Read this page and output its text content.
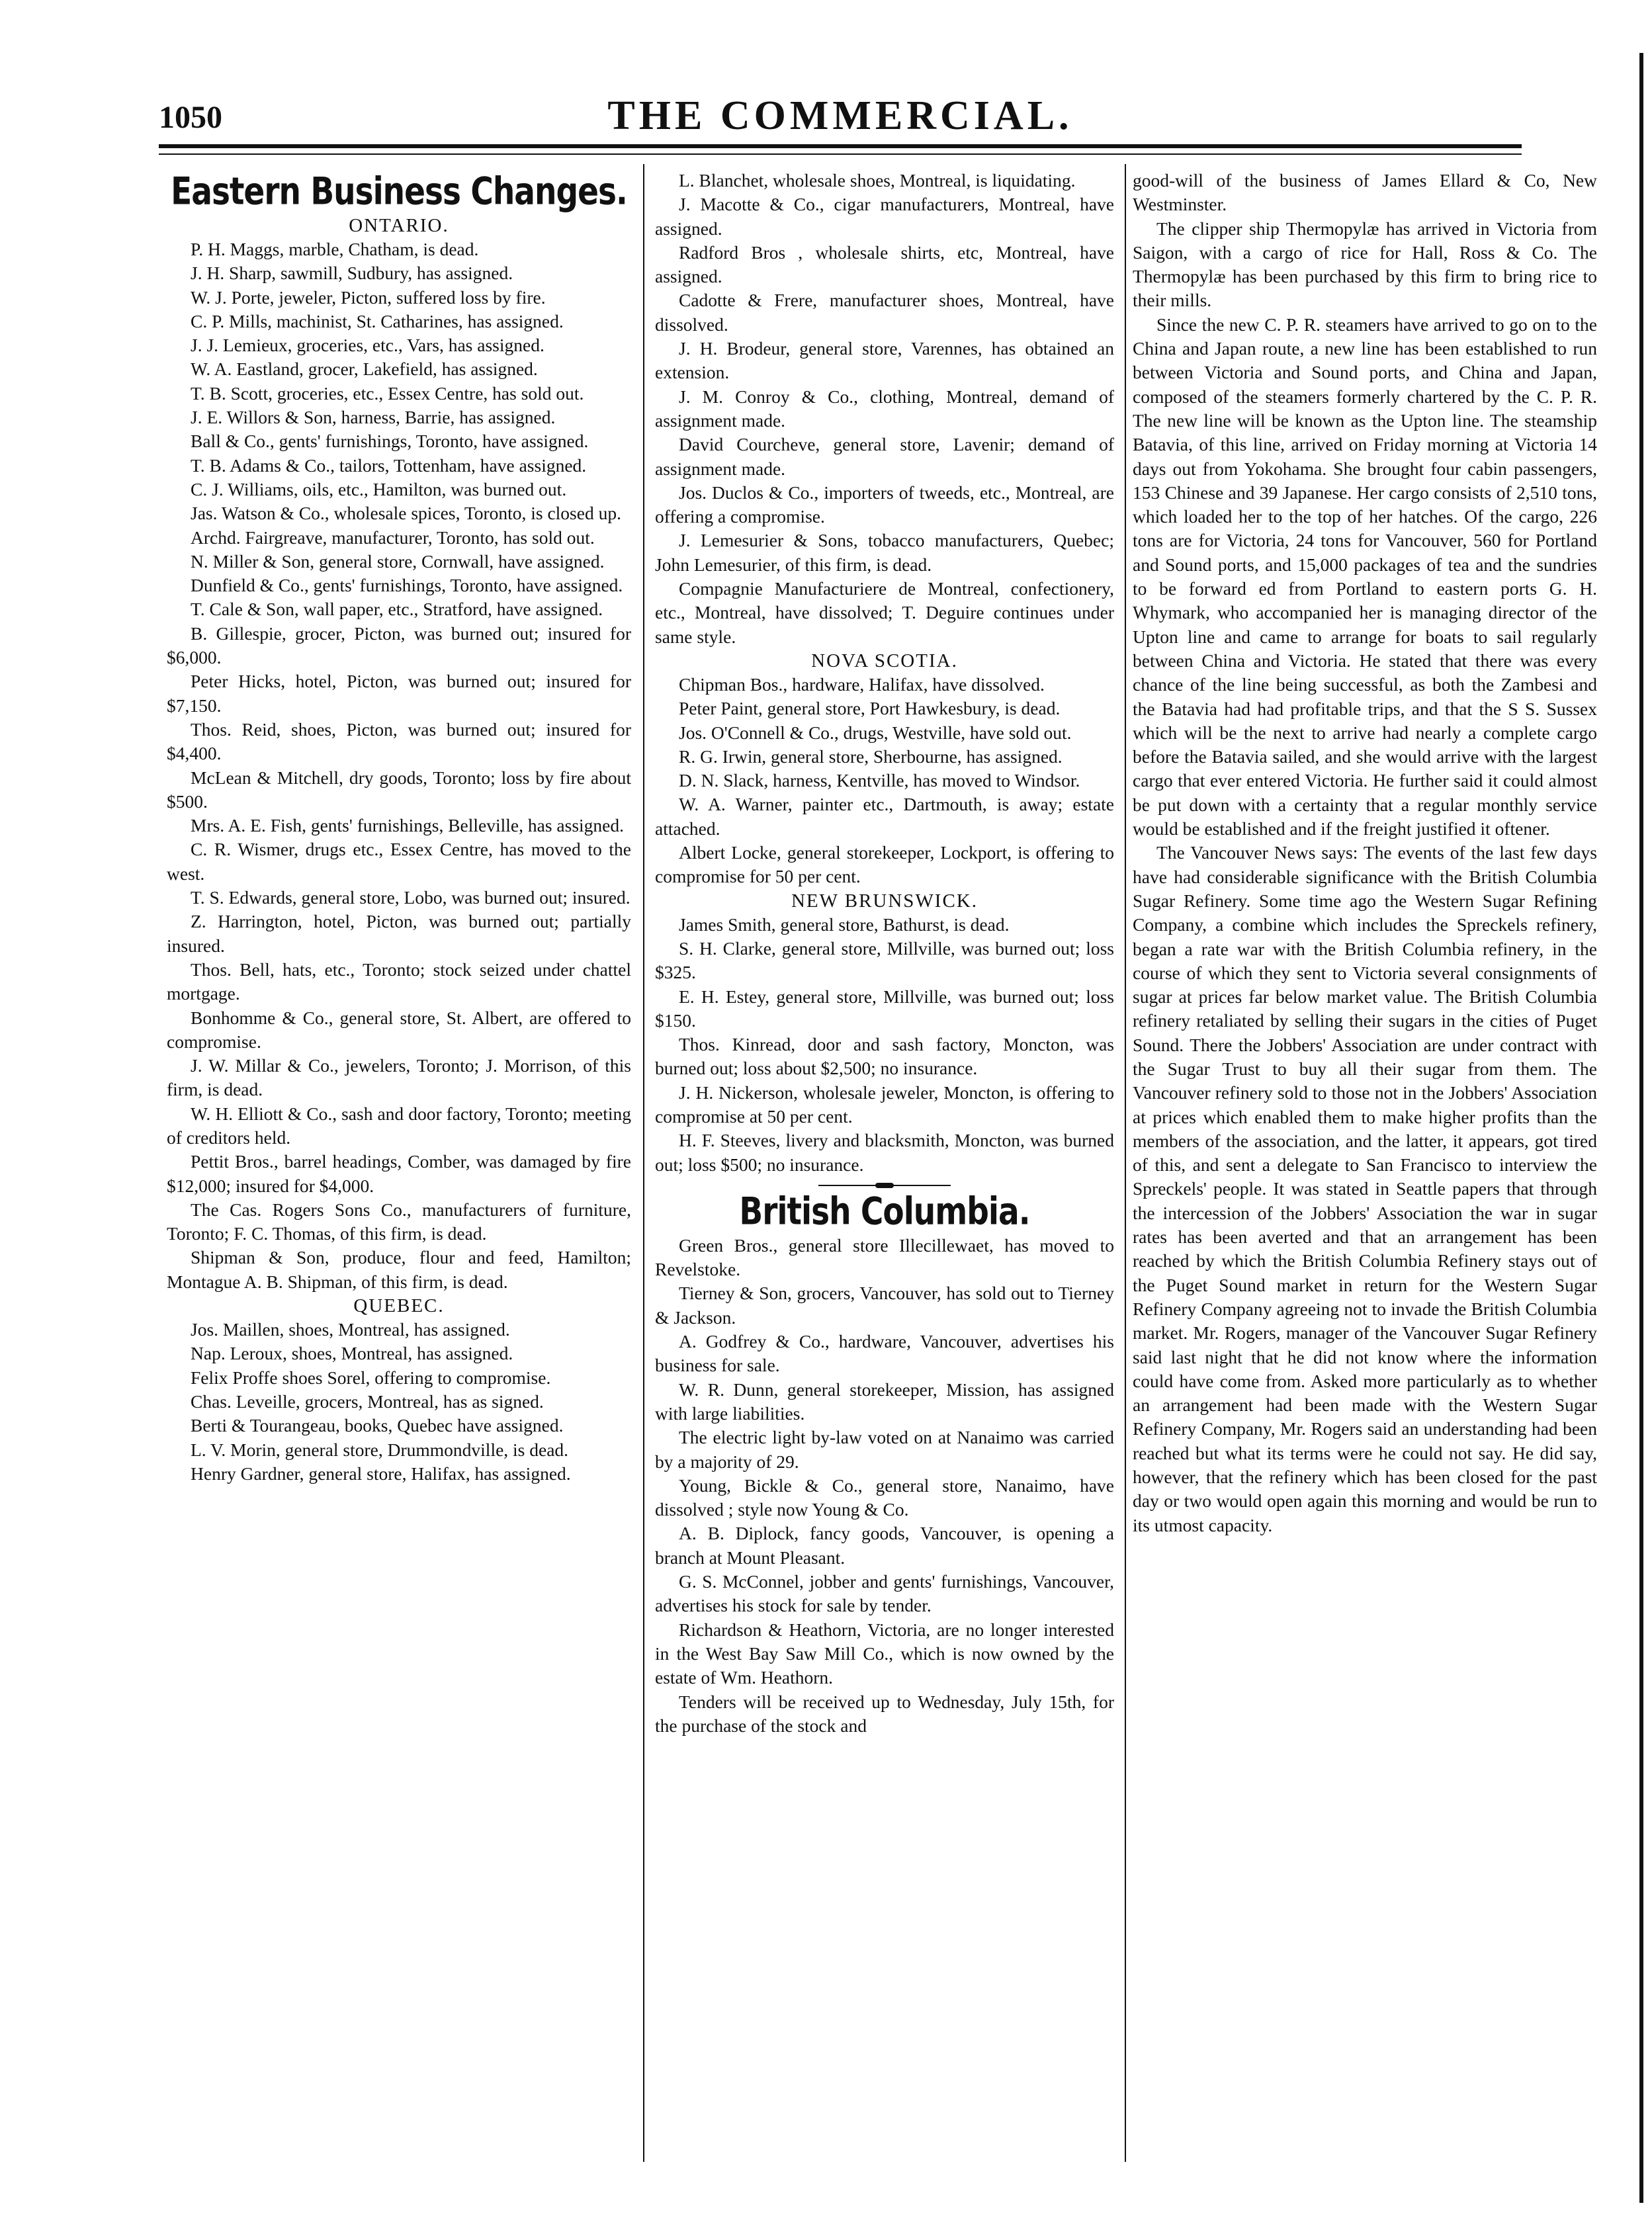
1050	THE COMMERCIAL.
Eastern Business Changes.
ONTARIO.

P. H. Maggs, marble, Chatham, is dead.

J. H. Sharp, sawmill, Sudbury, has assigned.

W. J. Porte, jeweler, Picton, suffered loss by fire.

C. P. Mills, machinist, St. Catharines, has assigned.

J. J. Lemieux, groceries, etc., Vars, has assigned.

W. A. Eastland, grocer, Lakefield, has assigned.

T. B. Scott, groceries, etc., Essex Centre, has sold out.

J. E. Willors & Son, harness, Barrie, has assigned.

Ball & Co., gents' furnishings, Toronto, have assigned.

T. B. Adams & Co., tailors, Tottenham, have assigned.

C. J. Williams, oils, etc., Hamilton, was burned out.

Jas. Watson & Co., wholesale spices, Toronto, is closed up.

Archd. Fairgreave, manufacturer, Toronto, has sold out.

N. Miller & Son, general store, Cornwall, have assigned.

Dunfield & Co., gents' furnishings, Toronto, have assigned.

T. Cale & Son, wall paper, etc., Stratford, have assigned.

B. Gillespie, grocer, Picton, was burned out; insured for $6,000.

Peter Hicks, hotel, Picton, was burned out; insured for $7,150.

Thos. Reid, shoes, Picton, was burned out; insured for $4,400.

McLean & Mitchell, dry goods, Toronto; loss by fire about $500.

Mrs. A. E. Fish, gents' furnishings, Belleville, has assigned.

C. R. Wismer, drugs etc., Essex Centre, has moved to the west.

T. S. Edwards, general store, Lobo, was burned out; insured.

Z. Harrington, hotel, Picton, was burned out; partially insured.

Thos. Bell, hats, etc., Toronto; stock seized under chattel mortgage.

Bonhomme & Co., general store, St. Albert, are offered to compromise.

J. W. Millar & Co., jewelers, Toronto; J. Morrison, of this firm, is dead.

W. H. Elliott & Co., sash and door factory, Toronto; meeting of creditors held.

Pettit Bros., barrel headings, Comber, was damaged by fire $12,000; insured for $4,000.

The Cas. Rogers Sons Co., manufacturers of furniture, Toronto; F. C. Thomas, of this firm, is dead.

Shipman & Son, produce, flour and feed, Hamilton; Montague A. B. Shipman, of this firm, is dead.

QUEBEC.

Jos. Maillen, shoes, Montreal, has assigned.

Nap. Leroux, shoes, Montreal, has assigned.

Felix Proffe shoes Sorel, offering to compromise.

Chas. Leveille, grocers, Montreal, has as signed.

Berti & Tourangeau, books, Quebec have assigned.

L. V. Morin, general store, Drummondville, is dead.

Henry Gardner, general store, Halifax, has assigned.

L. Blanchet, wholesale shoes, Montreal, is liquidating.

J. Macotte & Co., cigar manufacturers, Montreal, have assigned.

Radford Bros , wholesale shirts, etc, Montreal, have assigned.

Cadotte & Frere, manufacturer shoes, Montreal, have dissolved.

J. H. Brodeur, general store, Varennes, has obtained an extension.

J. M. Conroy & Co., clothing, Montreal, demand of assignment made.

David Courcheve, general store, Lavenir; demand of assignment made.

Jos. Duclos & Co., importers of tweeds, etc., Montreal, are offering a compromise.

J. Lemesurier & Sons, tobacco manufacturers, Quebec; John Lemesurier, of this firm, is dead.

Compagnie Manufacturiere de Montreal, confectionery, etc., Montreal, have dissolved; T. Deguire continues under same style.

NOVA SCOTIA.

Chipman Bos., hardware, Halifax, have dissolved.

Peter Paint, general store, Port Hawkesbury, is dead.

Jos. O'Connell & Co., drugs, Westville, have sold out.

R. G. Irwin, general store, Sherbourne, has assigned.

D. N. Slack, harness, Kentville, has moved to Windsor.

W. A. Warner, painter etc., Dartmouth, is away; estate attached.

Albert Locke, general storekeeper, Lockport, is offering to compromise for 50 per cent.

NEW BRUNSWICK.

James Smith, general store, Bathurst, is dead.

S. H. Clarke, general store, Millville, was burned out; loss $325.

E. H. Estey, general store, Millville, was burned out; loss $150.

Thos. Kinread, door and sash factory, Moncton, was burned out; loss about $2,500; no insurance.

J. H. Nickerson, wholesale jeweler, Moncton, is offering to compromise at 50 per cent.

H. F. Steeves, livery and blacksmith, Moncton, was burned out; loss $500; no insurance.

British Columbia.

Green Bros., general store Illecillewaet, has moved to Revelstoke.

Tierney & Son, grocers, Vancouver, has sold out to Tierney & Jackson.

A. Godfrey & Co., hardware, Vancouver, advertises his business for sale.

W. R. Dunn, general storekeeper, Mission, has assigned with large liabilities.

The electric light by-law voted on at Nanaimo was carried by a majority of 29.

Young, Bickle & Co., general store, Nanaimo, have dissolved ; style now Young & Co.

A. B. Diplock, fancy goods, Vancouver, is opening a branch at Mount Pleasant.

G. S. McConnel, jobber and gents' furnishings, Vancouver, advertises his stock for sale by tender.

Richardson & Heathorn, Victoria, are no longer interested in the West Bay Saw Mill Co., which is now owned by the estate of Wm. Heathorn.

Tenders will be received up to Wednesday, July 15th, for the purchase of the stock and

good-will of the business of James Ellard & Co, New Westminster.

The clipper ship Thermopylæ has arrived in Victoria from Saigon, with a cargo of rice for Hall, Ross & Co. The Thermopylæ has been purchased by this firm to bring rice to their mills.

Since the new C. P. R. steamers have arrived to go on to the China and Japan route, a new line has been established to run between Victoria and Sound ports, and China and Japan, composed of the steamers formerly chartered by the C. P. R. The new line will be known as the Upton line. The steamship Batavia, of this line, arrived on Friday morning at Victoria 14 days out from Yokohama. She brought four cabin passengers, 153 Chinese and 39 Japanese. Her cargo consists of 2,510 tons, which loaded her to the top of her hatches. Of the cargo, 226 tons are for Victoria, 24 tons for Vancouver, 560 for Portland and Sound ports, and 15,000 packages of tea and the sundries to be forward ed from Portland to eastern ports G. H. Whymark, who accompanied her is managing director of the Upton line and came to arrange for boats to sail regularly between China and Victoria. He stated that there was every chance of the line being successful, as both the Zambesi and the Batavia had had profitable trips, and that the S S. Sussex which will be the next to arrive had nearly a complete cargo before the Batavia sailed, and she would arrive with the largest cargo that ever entered Victoria. He further said it could almost be put down with a certainty that a regular monthly service would be established and if the freight justified it oftener.

The Vancouver News says: The events of the last few days have had considerable significance with the British Columbia Sugar Refinery. Some time ago the Western Sugar Refining Company, a combine which includes the Spreckels refinery, began a rate war with the British Columbia refinery, in the course of which they sent to Victoria several consignments of sugar at prices far below market value. The British Columbia refinery retaliated by selling their sugars in the cities of Puget Sound. There the Jobbers' Association are under contract with the Sugar Trust to buy all their sugar from them. The Vancouver refinery sold to those not in the Jobbers' Association at prices which enabled them to make higher profits than the members of the association, and the latter, it appears, got tired of this, and sent a delegate to San Francisco to interview the Spreckels' people. It was stated in Seattle papers that through the intercession of the Jobbers' Association the war in sugar rates has been averted and that an arrangement has been reached by which the British Columbia Refinery stays out of the Puget Sound market in return for the Western Sugar Refinery Company agreeing not to invade the British Columbia market. Mr. Rogers, manager of the Vancouver Sugar Refinery said last night that he did not know where the information could have come from. Asked more particularly as to whether an arrangement had been made with the Western Sugar Refinery Company, Mr. Rogers said an understanding had been reached but what its terms were he could not say. He did say, however, that the refinery which has been closed for the past day or two would open again this morning and would be run to its utmost capacity.
